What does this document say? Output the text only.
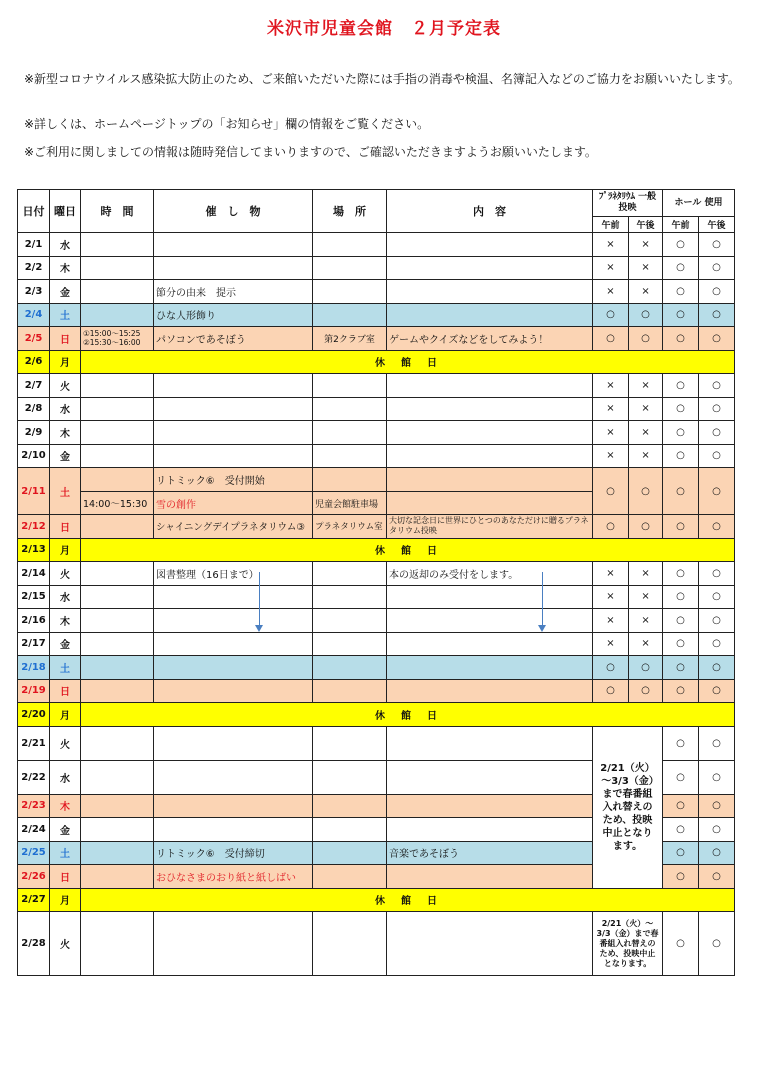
米沢市児童会館　２月予定表
※新型コロナウイルス感染拡大防止のため、ご来館いただいた際には手指の消毒や検温、名簿記入などのご協力をお願いいたします。
※詳しくは、ホームページトップの「お知らせ」欄の情報をご覧ください。
※ご利用に関しましての情報は随時発信してまいりますので、ご確認いただきますようお願いいたします。
日付	曜日	時　間	催　し　物	場　所	内　容	ﾌﾟﾗﾈﾀﾘｳﾑ 一般投映		ホール 使用	
						午前	午後	午前	午後
2/1	水					×	×	○	○
2/2	木					×	×	○	○
2/3	金		節分の由来　提示			×	×	○	○
2/4	土		ひな人形飾り			○	○	○	○
2/5	日	①15:00～15:25
②15:30～16:00	パソコンであそぼう	第2クラブ室	ゲームやクイズなどをしてみよう！	○	○	○	○
2/6	月	休　館　日							
2/7	火					×	×	○	○
2/8	水					×	×	○	○
2/9	木					×	×	○	○
2/10	金					×	×	○	○
2/11	土		リトミック⑥　受付開始			○	○	○	○
		14:00～15:30	雪の創作	児童会館駐車場					
2/12	日		シャイニングデイプラネタリウム③	プラネタリウム室	大切な記念日に世界にひとつのあなただけに贈るプラネタリウム投映	○	○	○	○
2/13	月	休　館　日							
2/14	火		図書整理（16日まで）		本の返却のみ受付をします。	×	×	○	○
2/15	水					×	×	○	○
2/16	木					×	×	○	○
2/17	金					×	×	○	○
2/18	土					○	○	○	○
2/19	日					○	○	○	○
2/20	月	休　館　日							
2/21	火					2/21（火）～3/3（金）まで春番組入れ替えのため、投映中止となります。		○	○
2/22	水							○	○
2/23	木							○	○
2/24	金							○	○
2/25	土		リトミック⑥　受付締切		音楽であそぼう			○	○
2/26	日		おひなさまのおり紙と紙しばい					○	○
2/27	月	休　館　日							
2/28	火					2/21（火）～3/3（金）まで春番組入れ替えのため、投映中止となります。		○	○
